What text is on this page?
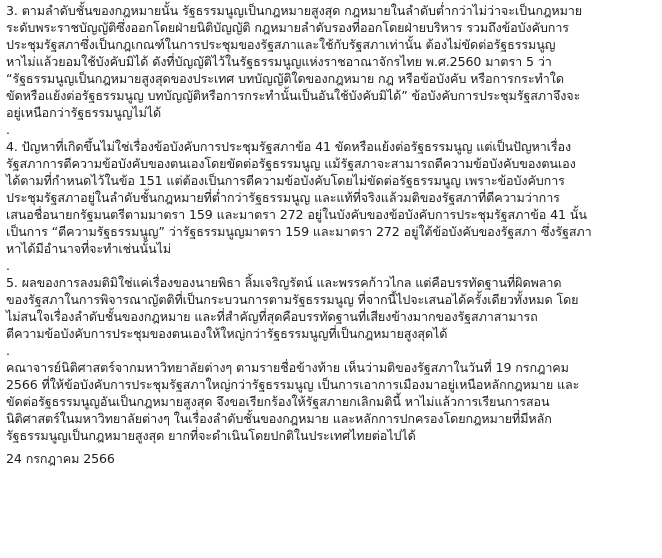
3. ตามลำดับชั้นของกฎหมายนั้น รัฐธรรมนูญเป็นกฎหมายสูงสุด กฎหมายในลำดับต่ำกว่าไม่ว่าจะเป็นกฎหมาย
ระดับพระราชบัญญัติซึ่งออกโดยฝ่ายนิติบัญญัติ กฎหมายลำดับรองที่ออกโดยฝ่ายบริหาร รวมถึงข้อบังคับการ
ประชุมรัฐสภาซึ่งเป็นกฎเกณฑ์ในการประชุมของรัฐสภาและใช้กับรัฐสภาเท่านั้น ต้องไม่ขัดต่อรัฐธรรมนูญ
หาไม่แล้วยอมใช้บังคับมิได้ ดังที่บัญญัติไว้ในรัฐธรรมนูญแห่งราชอาณาจักรไทย พ.ศ.2560 มาตรา 5 ว่า
“รัฐธรรมนูญเป็นกฎหมายสูงสุดของประเทศ บทบัญญัติใดของกฎหมาย กฎ หรือข้อบังคับ หรือการกระทำใด
ขัดหรือแย้งต่อรัฐธรรมนูญ บทบัญญัติหรือการกระทำนั้นเป็นอันใช้บังคับมิได้” ข้อบังคับการประชุมรัฐสภาจึงจะ
อยู่เหนือกว่ารัฐธรรมนูญไม่ได้

.

4. ปัญหาที่เกิดขึ้นไม่ใช่เรื่องข้อบังคับการประชุมรัฐสภาข้อ 41 ขัดหรือแย้งต่อรัฐธรรมนูญ แต่เป็นปัญหาเรื่อง
รัฐสภาการตีความข้อบังคับของตนเองโดยขัดต่อรัฐธรรมนูญ แม้รัฐสภาจะสามารถตีความข้อบังคับของตนเอง
ได้ตามที่กำหนดไว้ในข้อ 151 แต่ต้องเป็นการตีความข้อบังคับโดยไม่ขัดต่อรัฐธรรมนูญ เพราะข้อบังคับการ
ประชุมรัฐสภาอยู่ในลำดับชั้นกฎหมายที่ต่ำกว่ารัฐธรรมนูญ และแท้ที่จริงแล้วมติของรัฐสภาที่ตีความว่าการ
เสนอชื่อนายกรัฐมนตรีตามมาตรา 159 และมาตรา 272 อยู่ในบังคับของข้อบังคับการประชุมรัฐสภาข้อ 41 นั้น
เป็นการ “ตีความรัฐธรรมนูญ” ว่ารัฐธรรมนูญมาตรา 159 และมาตรา 272 อยู่ใต้ข้อบังคับของรัฐสภา ซึ่งรัฐสภา
หาได้มีอำนาจที่จะทำเช่นนั้นไม่

.

5. ผลของการลงมติมิใช่แค่เรื่องของนายพิธา ลิ้มเจริญรัตน์ และพรรคก้าวไกล แต่คือบรรทัดฐานที่ผิดพลาด
ของรัฐสภาในการพิจารณาญัตติที่เป็นกระบวนการตามรัฐธรรมนูญ ที่จากนี้ไปจะเสนอได้ครั้งเดียวทั้งหมด โดย
ไม่สนใจเรื่องลำดับชั้นของกฎหมาย และที่สำคัญที่สุดคือบรรทัดฐานที่เสียงข้างมากของรัฐสภาสามารถ
ตีความข้อบังคับการประชุมของตนเองให้ใหญ่กว่ารัฐธรรมนูญที่เป็นกฎหมายสูงสุดได้

.

คณาจารย์นิติศาสตร์จากมหาวิทยาลัยต่างๆ ตามรายชื่อข้างท้าย เห็นว่ามติของรัฐสภาในวันที่ 19 กรกฎาคม
2566 ที่ให้ข้อบังคับการประชุมรัฐสภาใหญ่กว่ารัฐธรรมนูญ เป็นการเอาการเมืองมาอยู่เหนือหลักกฎหมาย และ
ขัดต่อรัฐธรรมนูญอันเป็นกฎหมายสูงสุด จึงขอเรียกร้องให้รัฐสภายกเลิกมตินี้ หาไม่แล้วการเรียนการสอน
นิติศาสตร์ในมหาวิทยาลัยต่างๆ ในเรื่องลำดับชั้นของกฎหมาย และหลักการปกครองโดยกฎหมายที่มีหลัก
รัฐธรรมนูญเป็นกฎหมายสูงสุด ยากที่จะดำเนินโดยปกติในประเทศไทยต่อไปได้

24 กรกฎาคม 2566
